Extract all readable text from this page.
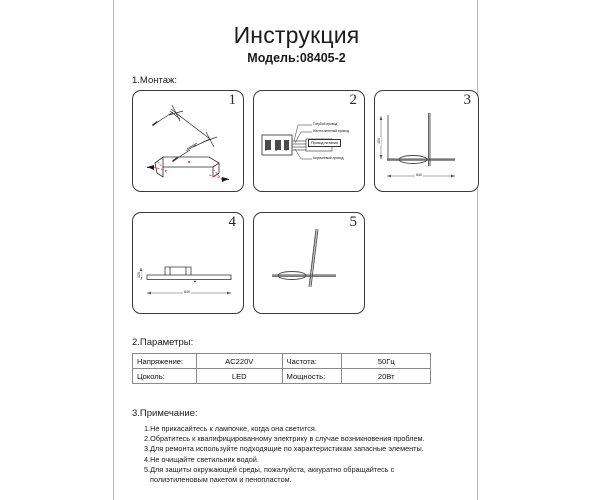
Инструкция
Модель:08405-2
1.Монтаж:
1	2
Голубой провод
Желто-зеленый провод
Провод питания
Коричневый провод
N	E	L
3
400
840
4
120
840
5
2.Параметры:
Напряжение:	AC220V	Частота:	50Гц
Цоколь:	LED	Мощность:	20Вт
3.Примечание:
1.Не прикасайтесь к лампочке, когда она светится.
2.Обратитесь к квалифицированному электрику в случае возникновения проблем.
3.Для ремонта используйте подходящие по характеристикам запасные элементы.
4.Не очищайте светильник водой.
5.Для защиты окружающей среды, пожалуйста, аккуратно обращайтесь с
полиэтиленовым пакетом и пенопластом.
